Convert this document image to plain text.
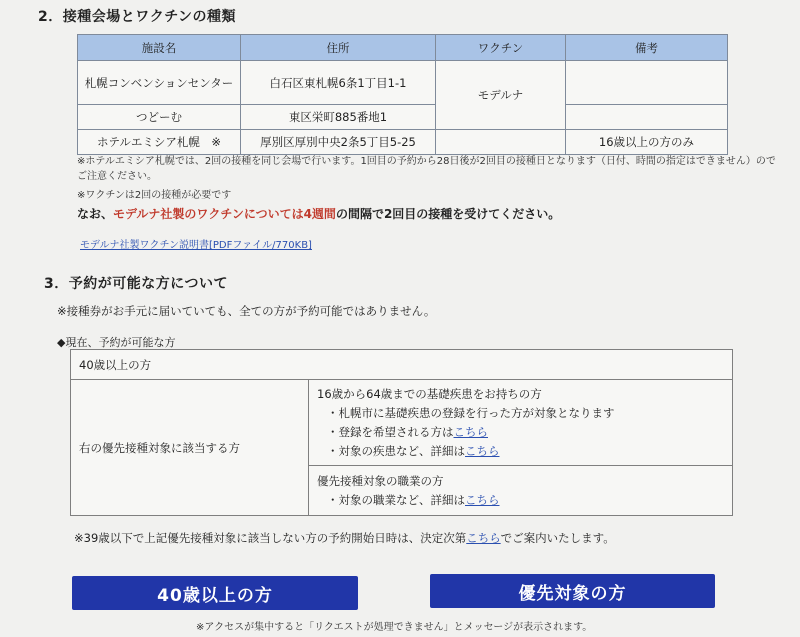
2．接種会場とワクチンの種類
施設名	住所	ワクチン	備考
札幌コンベンションセンター	白石区東札幌6条1丁目1-1	モデルナ	
つどーむ	東区栄町885番地1		
ホテルエミシア札幌　※	厚別区厚別中央2条5丁目5-25		16歳以上の方のみ
※ホテルエミシア札幌では、2回の接種を同じ会場で行います。1回目の予約から28日後が2回目の接種日となります（日付、時間の指定はできません）のでご注意ください。
※ワクチンは2回の接種が必要です
なお、モデルナ社製のワクチンについては4週間の間隔で2回目の接種を受けてください。
モデルナ社製ワクチン説明書[PDFファイル/770KB]
3．予約が可能な方について
※接種券がお手元に届いていても、全ての方が予約可能ではありません。
◆現在、予約が可能な方
40歳以上の方
右の優先接種対象に該当する方	
16歳から64歳までの基礎疾患をお持ちの方
・札幌市に基礎疾患の登録を行った方が対象となります
・登録を希望される方はこちら
・対象の疾患など、詳細はこちら

優先接種対象の職業の方
・対象の職業など、詳細はこちら
※39歳以下で上記優先接種対象に該当しない方の予約開始日時は、決定次第こちらでご案内いたします。
40歳以上の方	優先対象の方
※アクセスが集中すると「リクエストが処理できません」とメッセージが表示されます。
